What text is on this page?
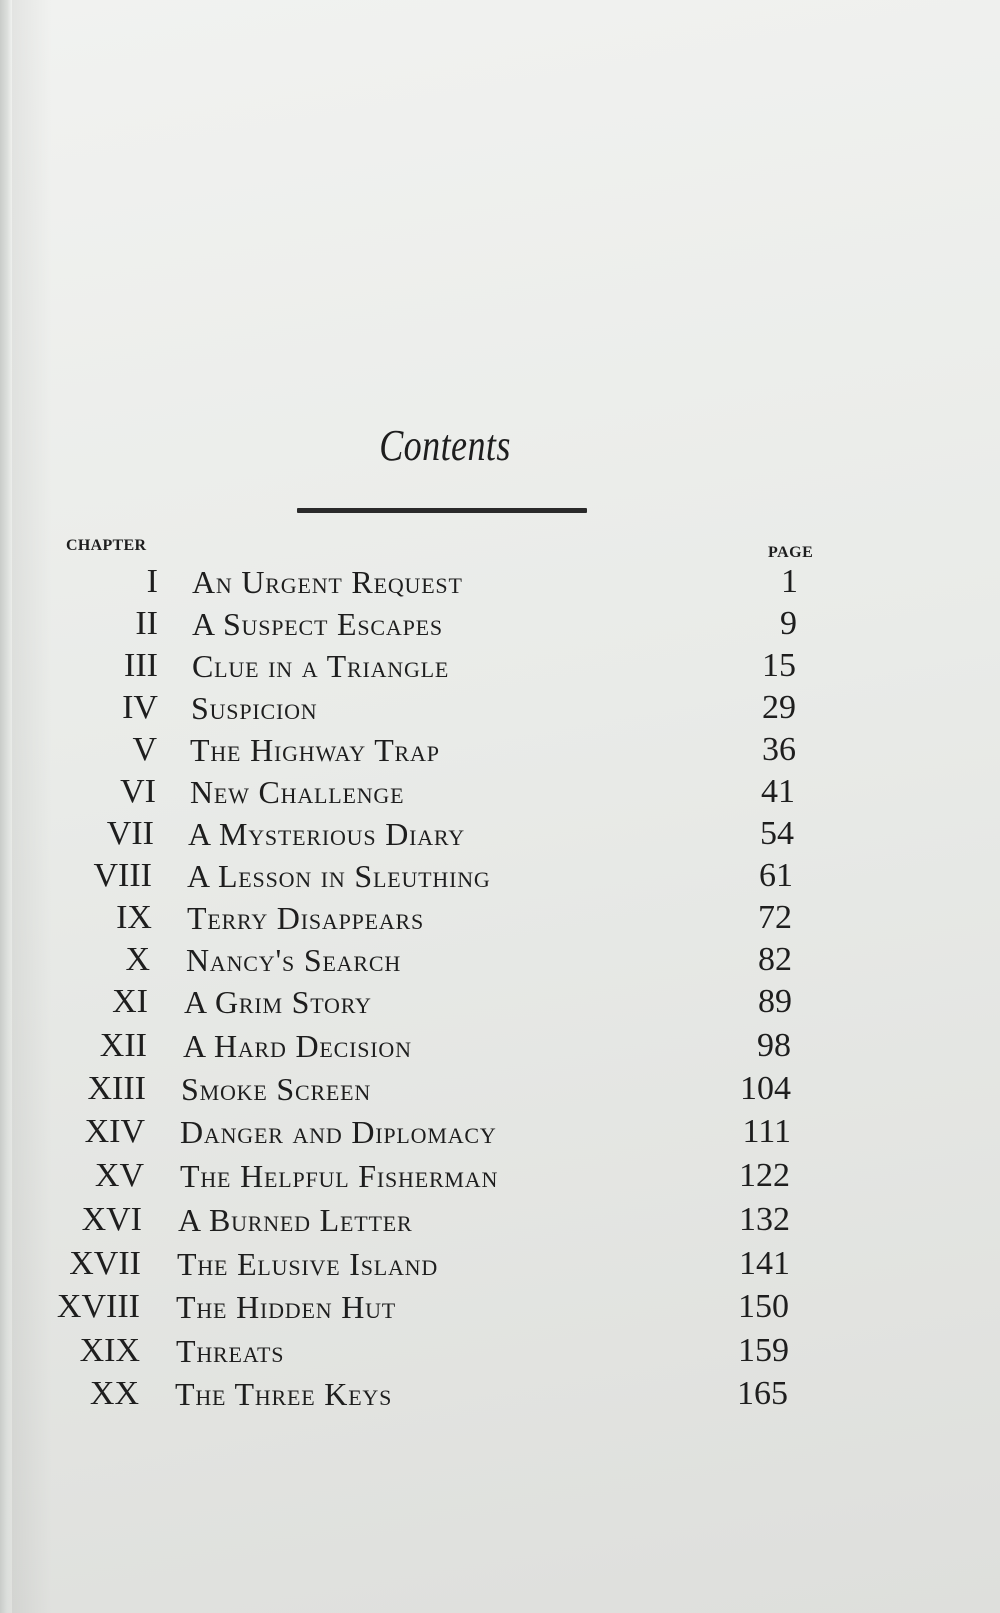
Contents
CHAPTER	PAGE
I An Urgent Request	1
II A Suspect Escapes	9
III Clue in a Triangle	15
IV Suspicion	29
V The Highway Trap	36
VI New Challenge	41
VII A Mysterious Diary	54
VIII A Lesson in Sleuthing	61
IX Terry Disappears	72
X Nancy's Search	82
XI A Grim Story	89
XII A Hard Decision	98
XIII Smoke Screen	104
XIV Danger and Diplomacy	111
XV The Helpful Fisherman	122
XVI A Burned Letter	132
XVII The Elusive Island	141
XVIII The Hidden Hut	150
XIX Threats	159
XX The Three Keys	165
